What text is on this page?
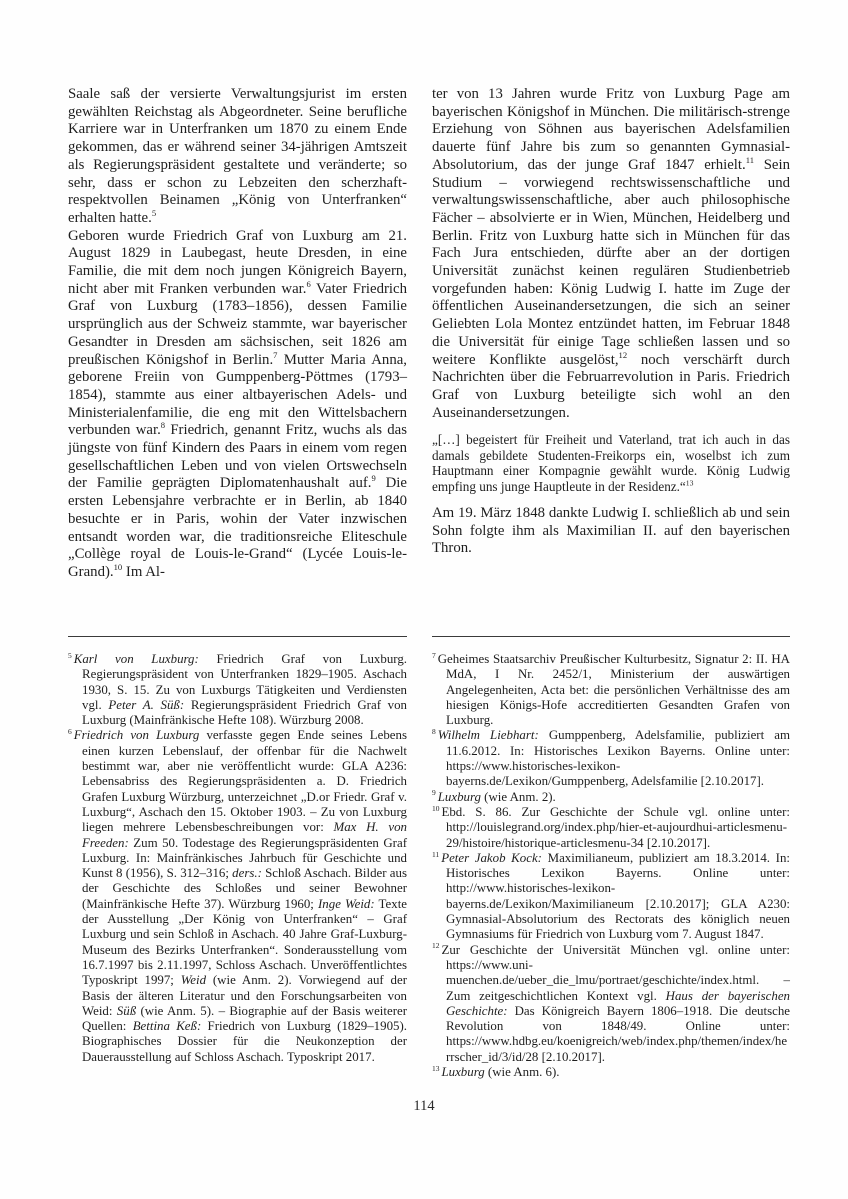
Saale saß der versierte Verwaltungsjurist im ersten gewählten Reichstag als Abgeordneter. Seine berufliche Karriere war in Unterfranken um 1870 zu einem Ende gekommen, das er während seiner 34-jährigen Amtszeit als Regierungspräsident gestaltete und veränderte; so sehr, dass er schon zu Lebzeiten den scherzhaft-respektvollen Beinamen „König von Unterfranken“ erhalten hatte.$^5$

Geboren wurde Friedrich Graf von Luxburg am 21. August 1829 in Laubegast, heute Dresden, in eine Familie, die mit dem noch jungen Königreich Bayern, nicht aber mit Franken verbunden war.$^6$ Vater Friedrich Graf von Luxburg (1783–1856), dessen Familie ursprünglich aus der Schweiz stammte, war bayerischer Gesandter in Dresden am sächsischen, seit 1826 am preußischen Königshof in Berlin.$^7$ Mutter Maria Anna, geborene Freiin von Gumppenberg-Pöttmes (1793–1854), stammte aus einer altbayerischen Adels- und Ministerialenfamilie, die eng mit den Wittelsbachern verbunden war.$^8$ Friedrich, genannt Fritz, wuchs als das jüngste von fünf Kindern des Paars in einem vom regen gesellschaftlichen Leben und von vielen Ortswechseln der Familie geprägten Diplomatenhaushalt auf.$^9$ Die ersten Lebensjahre verbrachte er in Berlin, ab 1840 besuchte er in Paris, wohin der Vater inzwischen entsandt worden war, die traditionsreiche Eliteschule „Collège royal de Louis-le-Grand“ (Lycée Louis-le-Grand).$^{10}$ Im Al-

ter von 13 Jahren wurde Fritz von Luxburg Page am bayerischen Königshof in München. Die militärisch-strenge Erziehung von Söhnen aus bayerischen Adelsfamilien dauerte fünf Jahre bis zum so genannten Gymnasial-Absolutorium, das der junge Graf 1847 erhielt.$^{11}$ Sein Studium – vorwiegend rechtswissenschaftliche und verwaltungswissenschaftliche, aber auch philosophische Fächer – absolvierte er in Wien, München, Heidelberg und Berlin. Fritz von Luxburg hatte sich in München für das Fach Jura entschieden, dürfte aber an der dortigen Universität zunächst keinen regulären Studienbetrieb vorgefunden haben: König Ludwig I. hatte im Zuge der öffentlichen Auseinandersetzungen, die sich an seiner Geliebten Lola Montez entzündet hatten, im Februar 1848 die Universität für einige Tage schließen lassen und so weitere Konflikte ausgelöst,$^{12}$ noch verschärft durch Nachrichten über die Februarrevolution in Paris. Friedrich Graf von Luxburg beteiligte sich wohl an den Auseinandersetzungen.

„[…] begeistert für Freiheit und Vaterland, trat ich auch in das damals gebildete Studenten-Freikorps ein, woselbst ich zum Hauptmann einer Kompagnie gewählt wurde. König Ludwig empfing uns junge Hauptleute in der Residenz.“$^{13}$

Am 19. März 1848 dankte Ludwig I. schließlich ab und sein Sohn folgte ihm als Maximilian II. auf den bayerischen Thron.

$^5$ Karl von Luxburg: Friedrich Graf von Luxburg. Regierungspräsident von Unterfranken 1829–1905. Aschach 1930, S. 15. Zu von Luxburgs Tätigkeiten und Verdiensten vgl. Peter A. Süß: Regierungspräsident Friedrich Graf von Luxburg (Mainfränkische Hefte 108). Würzburg 2008.

$^6$ Friedrich von Luxburg verfasste gegen Ende seines Lebens einen kurzen Lebenslauf, der offenbar für die Nachwelt bestimmt war, aber nie veröffentlicht wurde: GLA A236: Lebensabriss des Regierungspräsidenten a. D. Friedrich Grafen Luxburg Würzburg, unterzeichnet „D.or Friedr. Graf v. Luxburg“, Aschach den 15. Oktober 1903. – Zu von Luxburg liegen mehrere Lebensbeschreibungen vor: Max H. von Freeden: Zum 50. Todestage des Regierungspräsidenten Graf Luxburg. In: Mainfränkisches Jahrbuch für Geschichte und Kunst 8 (1956), S. 312–316; ders.: Schloß Aschach. Bilder aus der Geschichte des Schloßes und seiner Bewohner (Mainfränkische Hefte 37). Würzburg 1960; Inge Weid: Texte der Ausstellung „Der König von Unterfranken“ – Graf Luxburg und sein Schloß in Aschach. 40 Jahre Graf-Luxburg-Museum des Bezirks Unterfranken“. Sonderausstellung vom 16.7.1997 bis 2.11.1997, Schloss Aschach. Unveröffentlichtes Typoskript 1997; Weid (wie Anm. 2). Vorwiegend auf der Basis der älteren Literatur und den Forschungsarbeiten von Weid: Süß (wie Anm. 5). – Biographie auf der Basis weiterer Quellen: Bettina Keß: Friedrich von Luxburg (1829–1905). Biographisches Dossier für die Neukonzeption der Dauerausstellung auf Schloss Aschach. Typoskript 2017.

$^7$ Geheimes Staatsarchiv Preußischer Kulturbesitz, Signatur 2: II. HA MdA, I Nr. 2452/1, Ministerium der auswärtigen Angelegenheiten, Acta bet: die persönlichen Verhältnisse des am hiesigen Königs-Hofe accreditierten Gesandten Grafen von Luxburg.

$^8$ Wilhelm Liebhart: Gumppenberg, Adelsfamilie, publiziert am 11.6.2012. In: Historisches Lexikon Bayerns. Online unter: https://www.historisches-lexikon-bayerns.de/Lexikon/Gumppenberg, Adelsfamilie [2.10.2017].

$^9$ Luxburg (wie Anm. 2).

$^{10}$ Ebd. S. 86. Zur Geschichte der Schule vgl. online unter: http://louislegrand.org/index.php/hier-et-aujourdhui-articlesmenu-29/histoire/historique-articlesmenu-34 [2.10.2017].

$^{11}$ Peter Jakob Kock: Maximilianeum, publiziert am 18.3.2014. In: Historisches Lexikon Bayerns. Online unter: http://www.historisches-lexikon-bayerns.de/Lexikon/Maximilianeum [2.10.2017]; GLA A230: Gymnasial-Absolutorium des Rectorats des königlich neuen Gymnasiums für Friedrich von Luxburg vom 7. August 1847.

$^{12}$ Zur Geschichte der Universität München vgl. online unter: https://www.uni-muenchen.de/ueber_die_lmu/portraet/geschichte/index.html. – Zum zeitgeschichtlichen Kontext vgl. Haus der bayerischen Geschichte: Das Königreich Bayern 1806–1918. Die deutsche Revolution von 1848/49. Online unter: https://www.hdbg.eu/koenigreich/web/index.php/themen/index/herrscher_id/3/id/28 [2.10.2017].

$^{13}$ Luxburg (wie Anm. 6).

114
